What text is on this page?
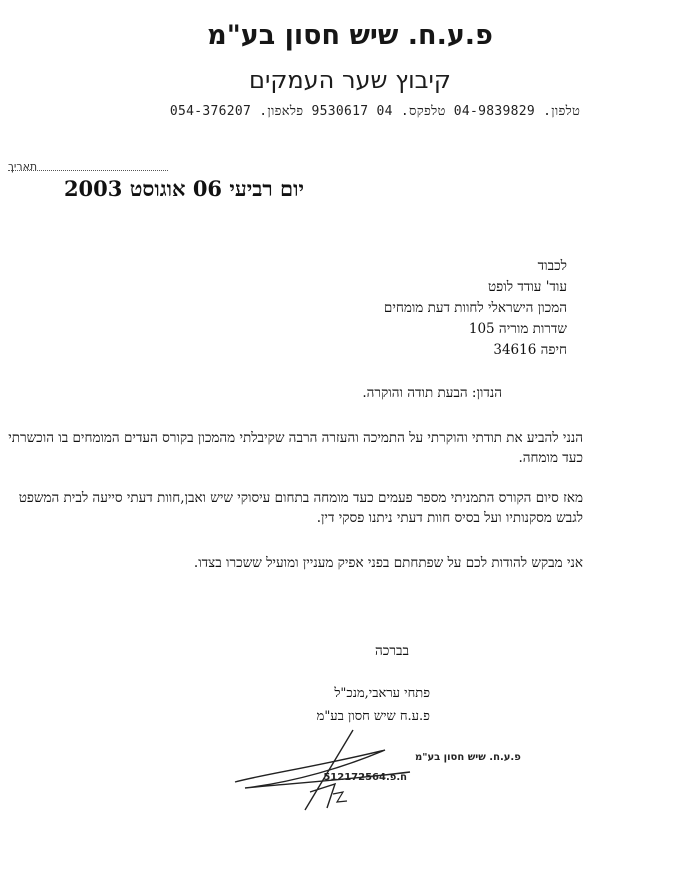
פ.ע.ח. שיש חסון בע"מ
קיבוץ שער העמקים
טלפון. 04-9839829 טלפקס. 04 9530617 פלאפון. 054-376207
תאריך
יום רביעי 06 אוגוסט 2003
לכבוד
עוד' עודד לופט
המכון הישראלי לחוות דעת מומחים
שדרות מוריה 105
חיפה 34616
הנדון: הבעת תודה והוקרה.
הנני להביע את תודתי והוקרתי על התמיכה והעזרה הרבה שקיבלתי מהמכון בקורס העדים המומחים בו הוכשרתי כעד מומחה.
מאז סיום הקורס התמניתי מספר פעמים כעד מומחה בתחום עיסוקי שיש ואבן,חוות דעתי סייעה לבית המשפט לגבש מסקנותיו ועל בסיס חוות דעתי ניתנו פסקי דין.
אני מבקש להודות לכם על שפתחתם בפני אפיק מעניין ומועיל ששכרו בצדו.
בברכה
פתחי עראבי,מנכ"ל
פ.ע.ח שיש חסון בע"מ
פ.ע.ח. שיש חסון בע"מ
ח.פ.512172564
